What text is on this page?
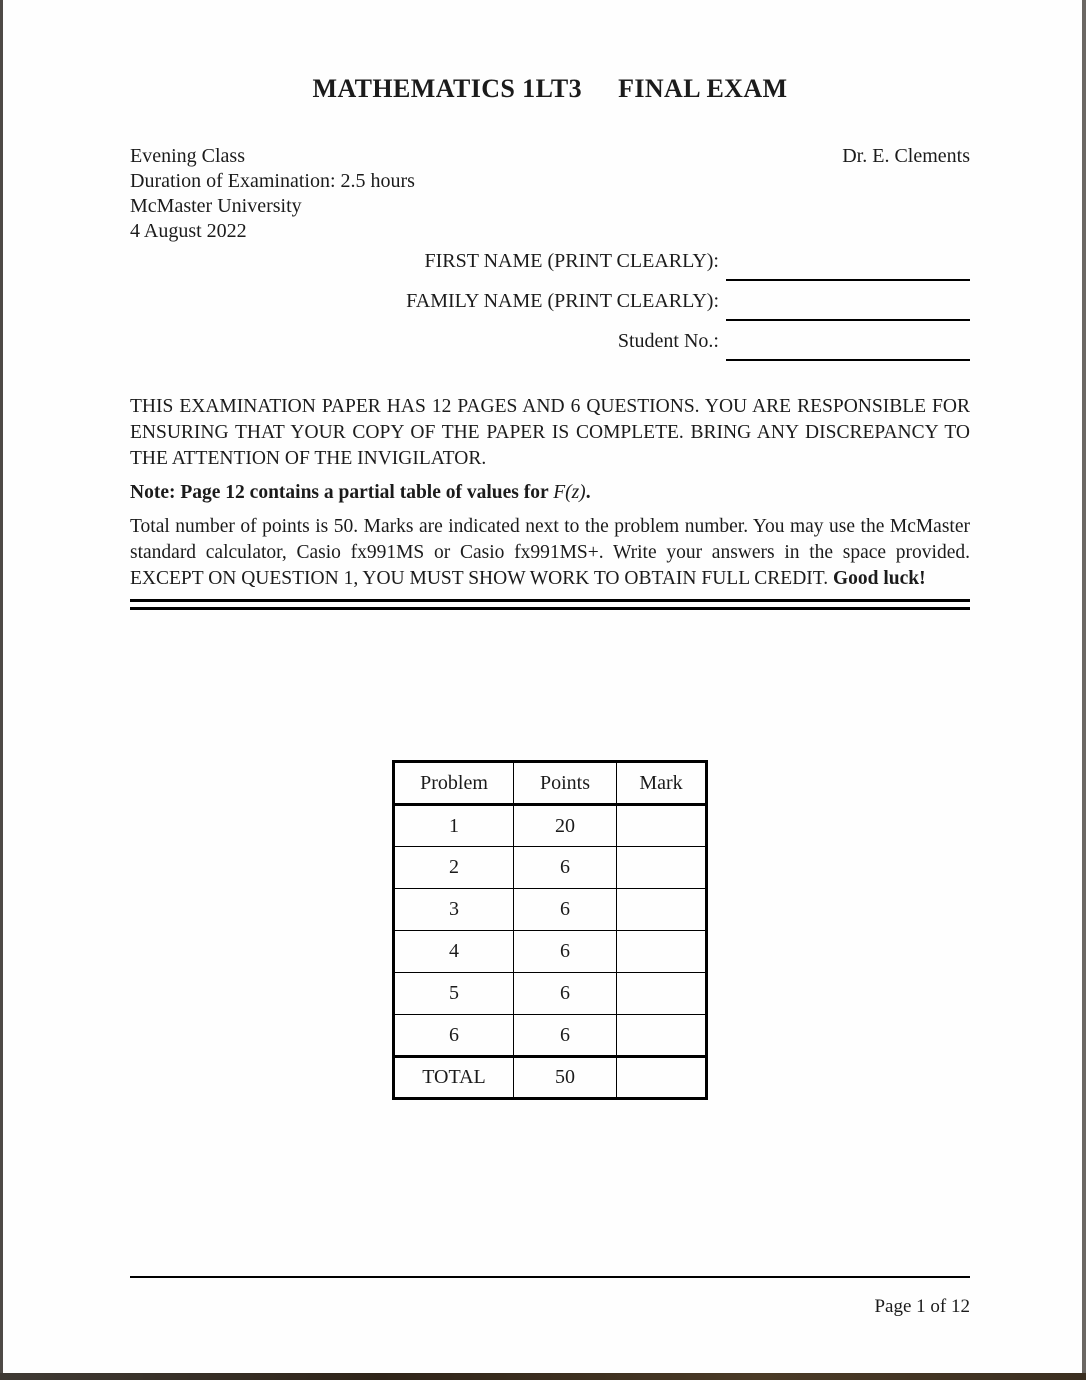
MATHEMATICS 1LT3 FINAL EXAM
Evening Class
Duration of Examination: 2.5 hours
McMaster University
4 August 2022
Dr. E. Clements
FIRST NAME (PRINT CLEARLY):
FAMILY NAME (PRINT CLEARLY):
Student No.:
THIS EXAMINATION PAPER HAS 12 PAGES AND 6 QUESTIONS. YOU ARE RESPONSIBLE FOR ENSURING THAT YOUR COPY OF THE PAPER IS COMPLETE. BRING ANY DISCREPANCY TO THE ATTENTION OF THE INVIGILATOR.
Note: Page 12 contains a partial table of values for F(z).
Total number of points is 50. Marks are indicated next to the problem number. You may use the McMaster standard calculator, Casio fx991MS or Casio fx991MS+. Write your answers in the space provided. EXCEPT ON QUESTION 1, YOU MUST SHOW WORK TO OBTAIN FULL CREDIT. Good luck!
Problem	Points	Mark
1	20	
2	6	
3	6	
4	6	
5	6	
6	6	
TOTAL	50	
Page 1 of 12
